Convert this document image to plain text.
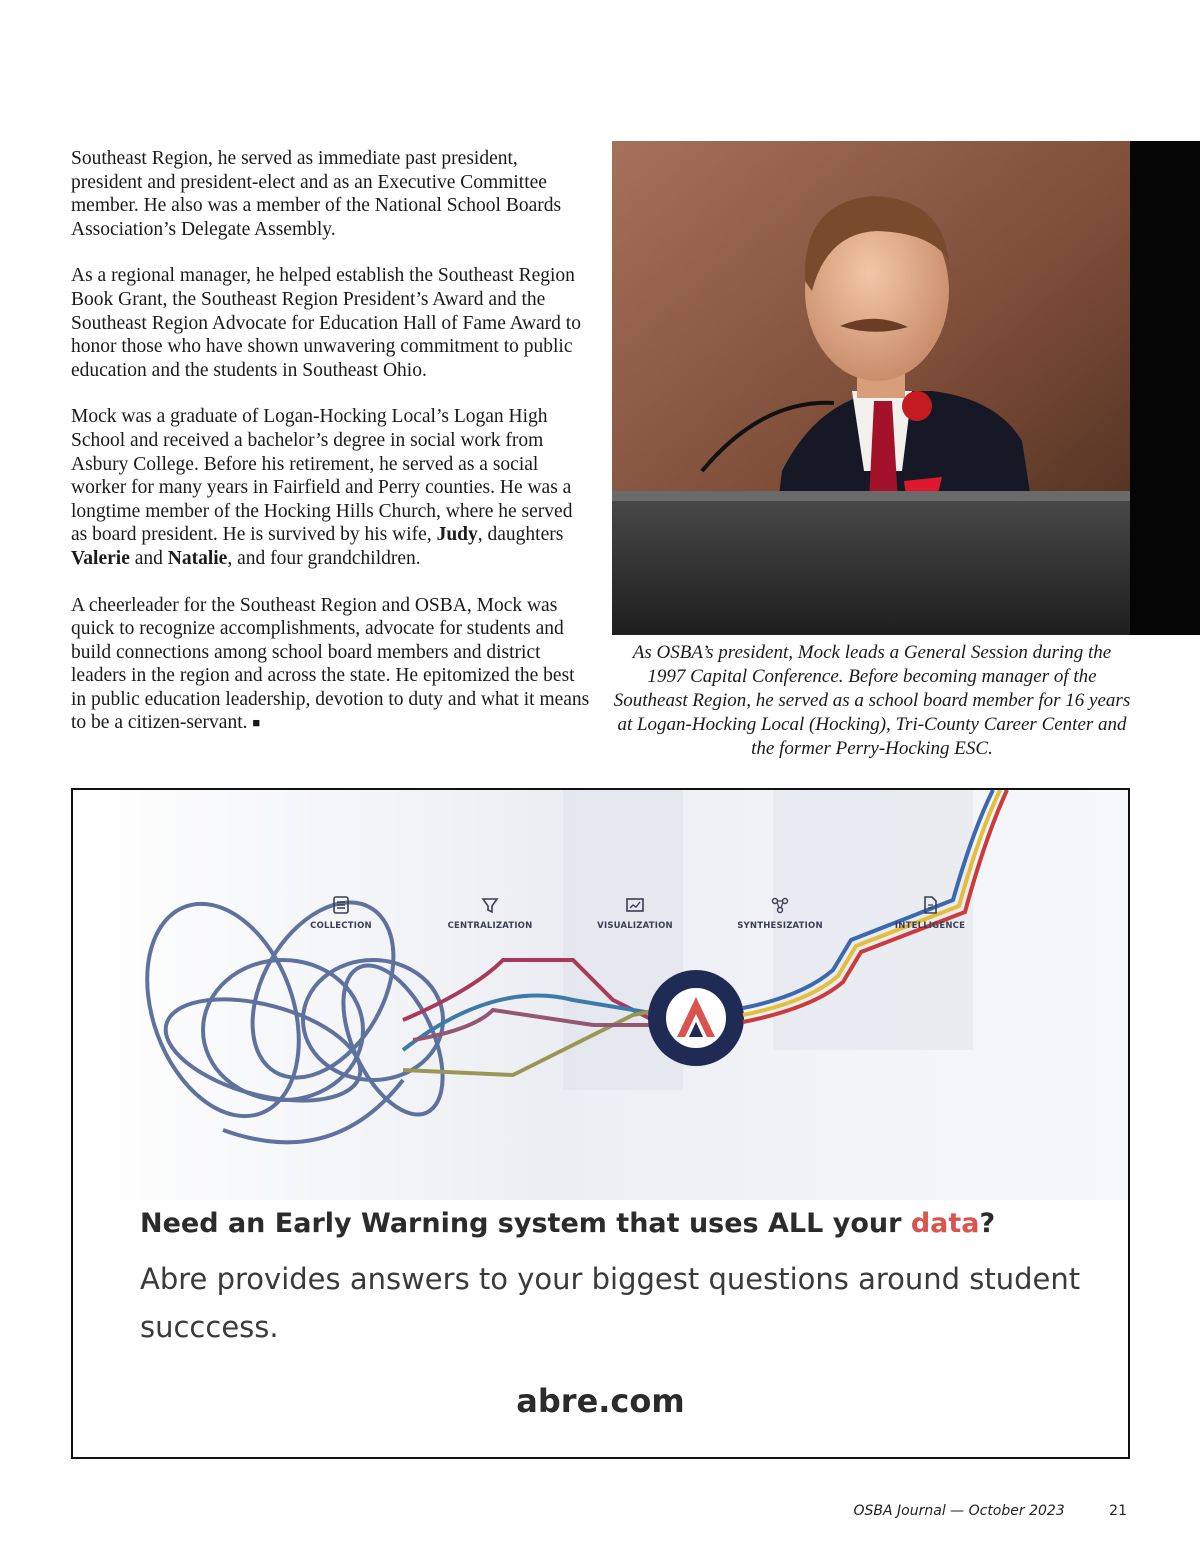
Southeast Region, he served as immediate past president, president and president-elect and as an Executive Committee member. He also was a member of the National School Boards Association’s Delegate Assembly.

As a regional manager, he helped establish the Southeast Region Book Grant, the Southeast Region President’s Award and the Southeast Region Advocate for Education Hall of Fame Award to honor those who have shown unwavering commitment to public education and the students in Southeast Ohio.

Mock was a graduate of Logan-Hocking Local’s Logan High School and received a bachelor’s degree in social work from Asbury College. Before his retirement, he served as a social worker for many years in Fairfield and Perry counties. He was a longtime member of the Hocking Hills Church, where he served as board president. He is survived by his wife, Judy, daughters Valerie and Natalie, and four grandchildren.

A cheerleader for the Southeast Region and OSBA, Mock was quick to recognize accomplishments, advocate for students and build connections among school board members and district leaders in the region and across the state. He epitomized the best in public education leadership, devotion to duty and what it means to be a citizen-servant. ■

As OSBA’s president, Mock leads a General Session during the 1997 Capital Conference. Before becoming manager of the Southeast Region, he served as a school board member for 16 years at Logan-Hocking Local (Hocking), Tri-County Career Center and the former Perry-Hocking ESC.
COLLECTION	CENTRALIZATION	VISUALIZATION	SYNTHESIZATION	INTELLIGENCE
Need an Early Warning system that uses ALL your data?
Abre provides answers to your biggest questions around student succcess.
abre.com
OSBA Journal — October 2023	21
